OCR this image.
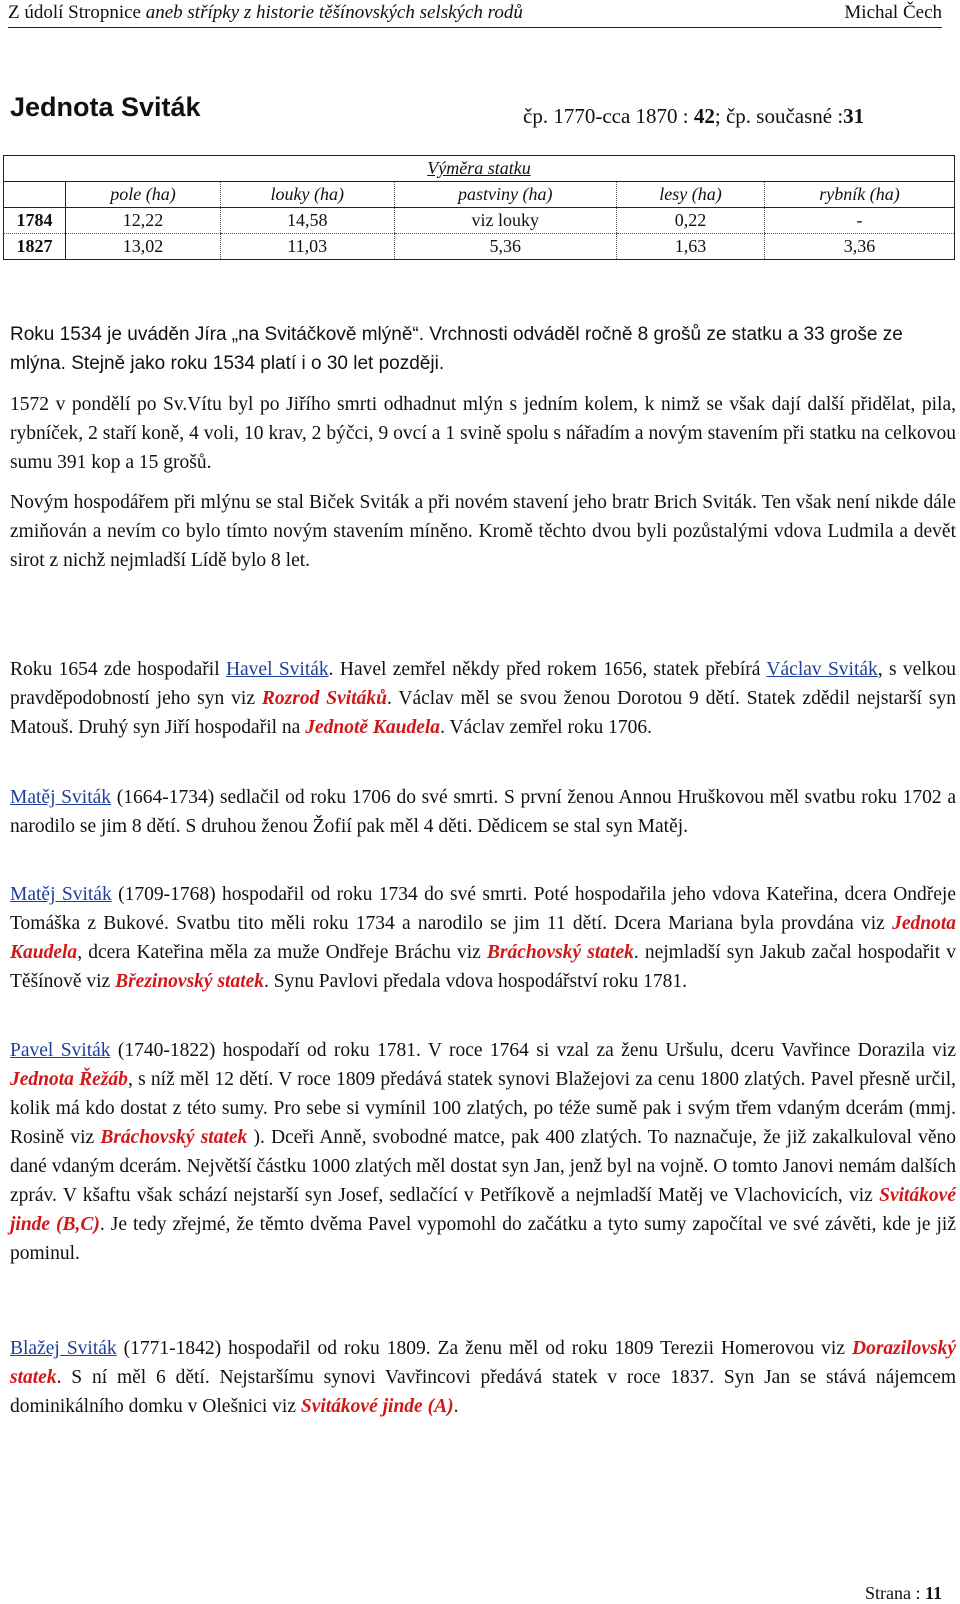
Z údolí Stropnice aneb střípky z historie těšínovských selských rodů	Michal Čech
Jednota Sviták	čp. 1770-cca 1870 : 42; čp. současné :31
Výměra statku					
	pole (ha)	louky (ha)	pastviny (ha)	lesy (ha)	rybník (ha)
1784	12,22	14,58	viz louky	0,22	-
1827	13,02	11,03	5,36	1,63	3,36

Roku 1534 je uváděn Jíra „na Svitáčkově mlýně“. Vrchnosti odváděl ročně 8 grošů ze statku a 33 groše ze mlýna. Stejně jako roku 1534 platí i o 30 let později.

1572 v pondělí po Sv.Vítu byl po Jiřího smrti odhadnut mlýn s jedním kolem, k nimž se však dají další přidělat, pila, rybníček, 2 staří koně, 4 voli, 10 krav, 2 býčci, 9 ovcí a 1 svině spolu s nářadím a novým stavením při statku na celkovou sumu 391 kop a 15 grošů.

Novým hospodářem při mlýnu se stal Biček Sviták a při novém stavení jeho bratr Brich Sviták. Ten však není nikde dále zmiňován a nevím co bylo tímto novým stavením míněno. Kromě těchto dvou byli pozůstalými vdova Ludmila a devět sirot z nichž nejmladší Lídě bylo 8 let.

Roku 1654 zde hospodařil Havel Sviták. Havel zemřel někdy před rokem 1656, statek přebírá Václav Sviták, s velkou pravděpodobností jeho syn viz Rozrod Svitáků. Václav měl se svou ženou Dorotou 9 dětí. Statek zdědil nejstarší syn Matouš. Druhý syn Jiří hospodařil na Jednotě Kaudela. Václav zemřel roku 1706.

Matěj Sviták (1664-1734) sedlačil od roku 1706 do své smrti. S první ženou Annou Hruškovou měl svatbu roku 1702 a narodilo se jim 8 dětí. S druhou ženou Žofií pak měl 4 děti. Dědicem se stal syn Matěj.

Matěj Sviták (1709-1768) hospodařil od roku 1734 do své smrti. Poté hospodařila jeho vdova Kateřina, dcera Ondřeje Tomáška z Bukové. Svatbu tito měli roku 1734 a narodilo se jim 11 dětí. Dcera Mariana byla provdána viz Jednota Kaudela, dcera Kateřina měla za muže Ondřeje Bráchu viz Bráchovský statek. nejmladší syn Jakub začal hospodařit v Těšínově viz Březinovský statek. Synu Pavlovi předala vdova hospodářství roku 1781.

Pavel Sviták (1740-1822) hospodaří od roku 1781. V roce 1764 si vzal za ženu Uršulu, dceru Vavřince Dorazila viz Jednota Řežáb, s níž měl 12 dětí. V roce 1809 předává statek synovi Blažejovi za cenu 1800 zlatých. Pavel přesně určil, kolik má kdo dostat z této sumy. Pro sebe si vymínil 100 zlatých, po téže sumě pak i svým třem vdaným dcerám (mmj. Rosině viz Bráchovský statek ). Dceři Anně, svobodné matce, pak 400 zlatých. To naznačuje, že již zakalkuloval věno dané vdaným dcerám. Největší částku 1000 zlatých měl dostat syn Jan, jenž byl na vojně. O tomto Janovi nemám dalších zpráv. V kšaftu však schází nejstarší syn Josef, sedlačící v Petříkově a nejmladší Matěj ve Vlachovicích, viz Svitákové jinde (B,C). Je tedy zřejmé, že těmto dvěma Pavel vypomohl do začátku a tyto sumy započítal ve své závěti, kde je již pominul.

Blažej Sviták (1771-1842) hospodařil od roku 1809. Za ženu měl od roku 1809 Terezii Homerovou viz Dorazilovský statek. S ní měl 6 dětí. Nejstaršímu synovi Vavřincovi předává statek v roce 1837. Syn Jan se stává nájemcem dominikálního domku v Olešnici viz Svitákové jinde (A).

Strana : 11
